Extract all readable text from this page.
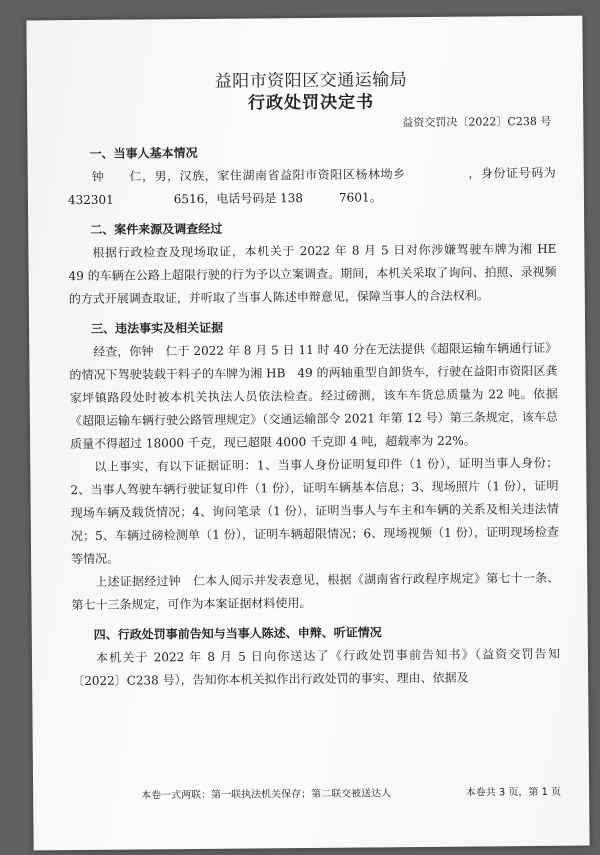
益阳市资阳区交通运输局
行政处罚决定书
益资交罚决〔2022〕C238 号
一、当事人基本情况

钟　　仁，男，汉族，家住湖南省益阳市资阳区杨林坳乡　　　　　，身份证号码为 432301　　　　　6516，电话号码是 138　　　7601。

二、案件来源及调查经过

根据行政检查及现场取证，本机关于 2022 年 8 月 5 日对你涉嫌驾驶车牌为湘 HE　49 的车辆在公路上超限行驶的行为予以立案调查。期间，本机关采取了询问、拍照、录视频的方式开展调查取证，并听取了当事人陈述申辩意见，保障当事人的合法权利。

三、违法事实及相关证据

经查，你钟　仁于 2022 年 8 月 5 日 11 时 40 分在无法提供《超限运输车辆通行证》的情况下驾驶装载干料子的车牌为湘 HB　49 的两轴重型自卸货车，行驶在益阳市资阳区龚家坪镇路段处时被本机关执法人员依法检查。经过磅测，该车车货总质量为 22 吨。依据《超限运输车辆行驶公路管理规定》（交通运输部令 2021 年第 12 号）第三条规定，该车总质量不得超过 18000 千克，现已超限 4000 千克即 4 吨，超载率为 22%。

以上事实，有以下证据证明：1、当事人身份证明复印件（1 份），证明当事人身份；2、当事人驾驶车辆行驶证复印件（1 份），证明车辆基本信息；3、现场照片（1 份），证明现场车辆及载货情况；4、询问笔录（1 份），证明当事人与车主和车辆的关系及相关违法情况；5、车辆过磅检测单（1 份），证明车辆超限情况；6、现场视频（1 份），证明现场检查等情况。

上述证据经过钟　仁本人阅示并发表意见，根据《湖南省行政程序规定》第七十一条、第七十三条规定，可作为本案证据材料使用。

四、行政处罚事前告知与当事人陈述、申辩、听证情况

本机关于 2022 年 8 月 5 日向你送达了《行政处罚事前告知书》（益资交罚告知〔2022〕C238 号），告知你本机关拟作出行政处罚的事实、理由、依据及

本卷一式两联：第一联执法机关保存；第二联交被送达人	本卷共 3 页，第 1 页
